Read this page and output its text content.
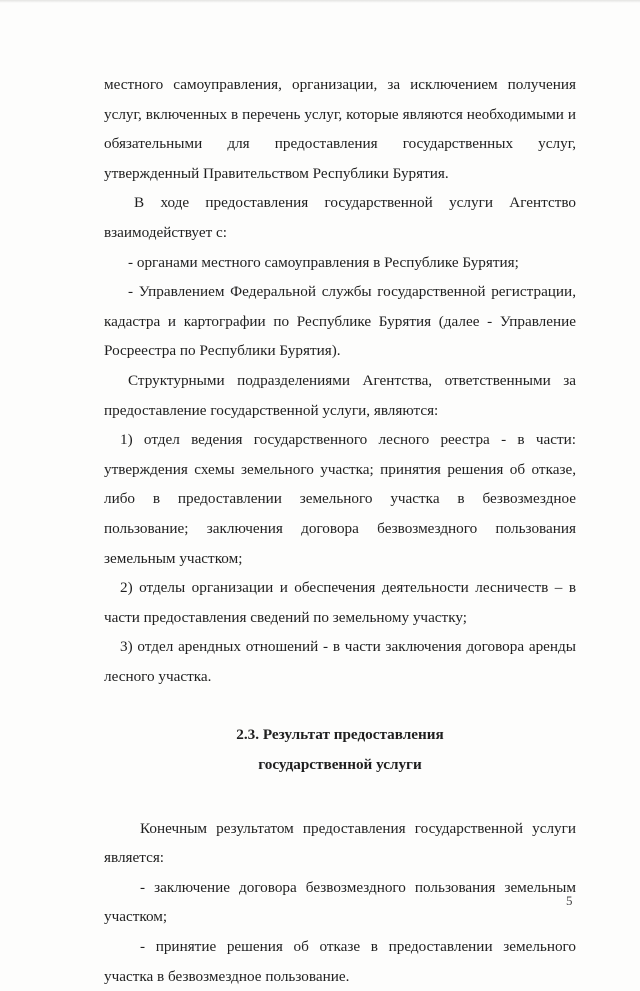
местного самоуправления, организации, за исключением получения услуг, включенных в перечень услуг, которые являются необходимыми и обязательными для предоставления государственных услуг, утвержденный Правительством Республики Бурятия.

В ходе предоставления государственной услуги Агентство взаимодействует с:

- органами местного самоуправления в Республике Бурятия;

- Управлением Федеральной службы государственной регистрации, кадастра и картографии по Республике Бурятия (далее - Управление Росреестра по Республики Бурятия).

Структурными подразделениями Агентства, ответственными за предоставление государственной услуги, являются:

1) отдел ведения государственного лесного реестра - в части: утверждения схемы земельного участка; принятия решения об отказе, либо в предоставлении земельного участка в безвозмездное пользование; заключения договора безвозмездного пользования земельным участком;

2) отделы организации и обеспечения деятельности лесничеств – в части предоставления сведений по земельному участку;

3) отдел арендных отношений - в части заключения договора аренды лесного участка.

2.3. Результат предоставления

государственной услуги

Конечным результатом предоставления государственной услуги является:

- заключение договора безвозмездного пользования земельным участком;

- принятие решения об отказе в предоставлении земельного участка в безвозмездное пользование.

5
